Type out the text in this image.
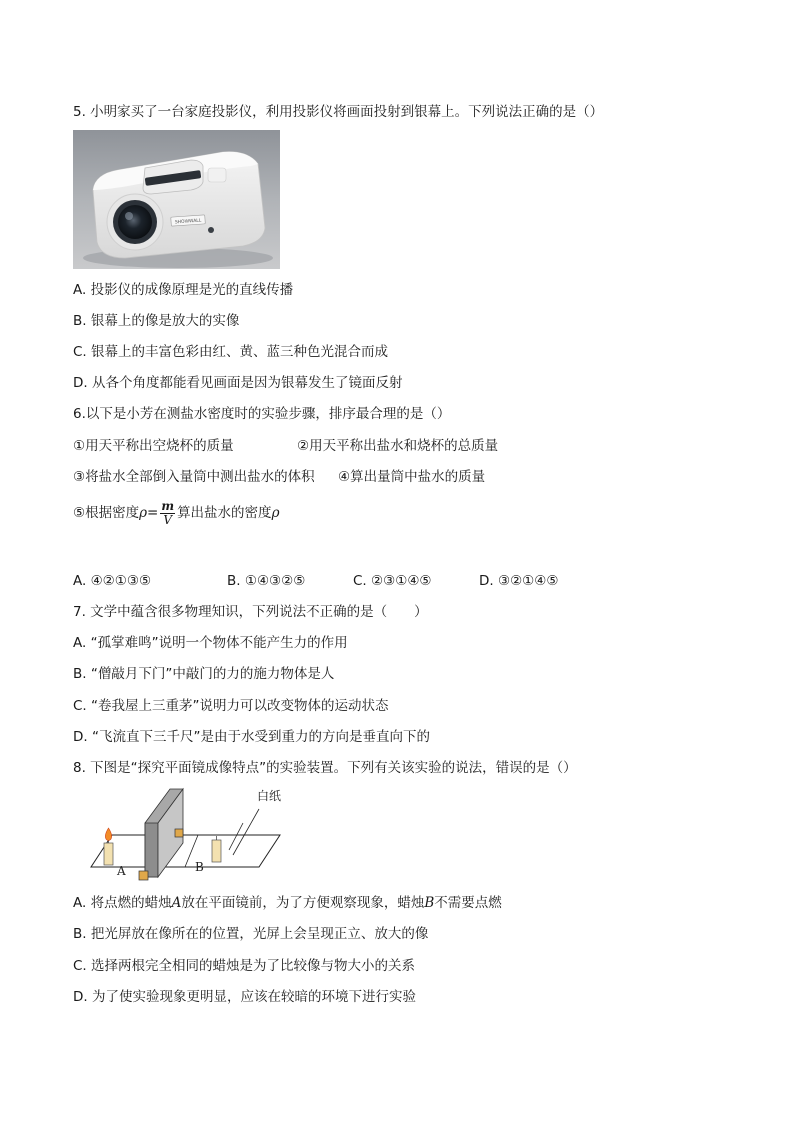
5. 小明家买了一台家庭投影仪，利用投影仪将画面投射到银幕上。下列说法正确的是（）
SHOWWALL
A. 投影仪的成像原理是光的直线传播
B. 银幕上的像是放大的实像
C. 银幕上的丰富色彩由红、黄、蓝三种色光混合而成
D. 从各个角度都能看见画面是因为银幕发生了镜面反射
6.以下是小芳在测盐水密度时的实验步骤，排序最合理的是（）
①用天平称出空烧杯的质量	②用天平称出盐水和烧杯的总质量
③将盐水全部倒入量筒中测出盐水的体积 ④算出量筒中盐水的质量
⑤根据密度$\rho= \frac{m}{V}$ 算出盐水的密度ρ
A. ④②①③⑤	B. ①④③②⑤	C. ②③①④⑤	D. ③②①④⑤
7. 文学中蕴含很多物理知识，下列说法不正确的是（　　）
A. “孤掌难鸣”说明一个物体不能产生力的作用
B. “僧敲月下门”中敲门的力的施力物体是人
C. “卷我屋上三重茅”说明力可以改变物体的运动状态
D. “飞流直下三千尺”是由于水受到重力的方向是垂直向下的
8. 下图是“探究平面镜成像特点”的实验装置。下列有关该实验的说法，错误的是（）
白纸
A	B
A. 将点燃的蜡烛A放在平面镜前，为了方便观察现象，蜡烛B不需要点燃
B. 把光屏放在像所在的位置，光屏上会呈现正立、放大的像
C. 选择两根完全相同的蜡烛是为了比较像与物大小的关系
D. 为了使实验现象更明显，应该在较暗的环境下进行实验
